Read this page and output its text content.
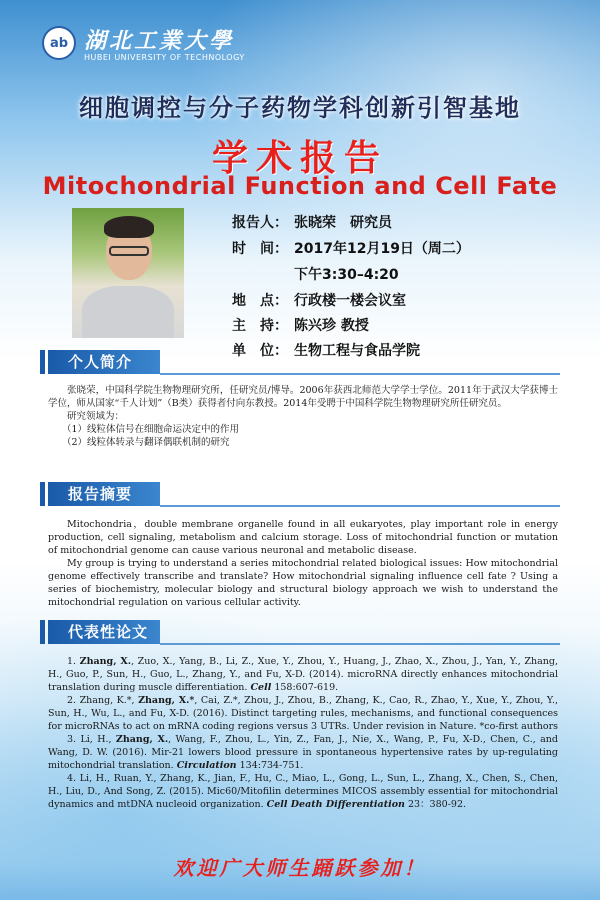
ab 湖北工業大學
HUBEI UNIVERSITY OF TECHNOLOGY
细胞调控与分子药物学科创新引智基地
学术报告
Mitochondrial Function and Cell Fate
报告人： 张晓荣　研究员
时　间： 2017年12月19日（周二）
下午3:30–4:20
地　点： 行政楼一楼会议室
主　持： 陈兴珍 教授
单　位： 生物工程与食品学院
个人简介

张晓荣，中国科学院生物物理研究所，任研究员/博导。2006年获西北师范大学学士学位。2011年于武汉大学获博士学位，师从国家“千人计划”（B类）获得者付向东教授。2014年受聘于中国科学院生物物理研究所任研究员。

研究领域为：

（1）线粒体信号在细胞命运决定中的作用

（2）线粒体转录与翻译偶联机制的研究

报告摘要

Mitochondria，double membrane organelle found in all eukaryotes, play important role in energy production, cell signaling, metabolism and calcium storage. Loss of mitochondrial function or mutation of mitochondrial genome can cause various neuronal and metabolic disease.

My group is trying to understand a series mitochondrial related biological issues: How mitochondrial genome effectively transcribe and translate? How mitochondrial signaling influence cell fate ? Using a series of biochemistry, molecular biology and structural biology approach we wish to understand the mitochondrial regulation on various cellular activity.

代表性论文

1. Zhang, X., Zuo, X., Yang, B., Li, Z., Xue, Y., Zhou, Y., Huang, J., Zhao, X., Zhou, J., Yan, Y., Zhang, H., Guo, P., Sun, H., Guo, L., Zhang, Y., and Fu, X-D. (2014). microRNA directly enhances mitochondrial translation during muscle differentiation. Cell 158:607-619.

2. Zhang, K.*, Zhang, X.*, Cai, Z.*, Zhou, J., Zhou, B., Zhang, K., Cao, R., Zhao, Y., Xue, Y., Zhou, Y., Sun, H., Wu, L., and Fu, X-D. (2016). Distinct targeting rules, mechanisms, and functional consequences for microRNAs to act on mRNA coding regions versus 3 UTRs. Under revision in Nature. *co-first authors

3. Li, H., Zhang, X., Wang, F., Zhou, L., Yin, Z., Fan, J., Nie, X., Wang, P., Fu, X-D., Chen, C., and Wang, D. W. (2016). Mir-21 lowers blood pressure in spontaneous hypertensive rates by up-regulating mitochondrial translation. Circulation 134:734-751.

4. Li, H., Ruan, Y., Zhang, K., Jian, F., Hu, C., Miao, L., Gong, L., Sun, L., Zhang, X., Chen, S., Chen, H., Liu, D., And Song, Z. (2015). Mic60/Mitofilin determines MICOS assembly essential for mitochondrial dynamics and mtDNA nucleoid organization. Cell Death Differentiation 23：380-92.

欢迎广大师生踊跃参加！
